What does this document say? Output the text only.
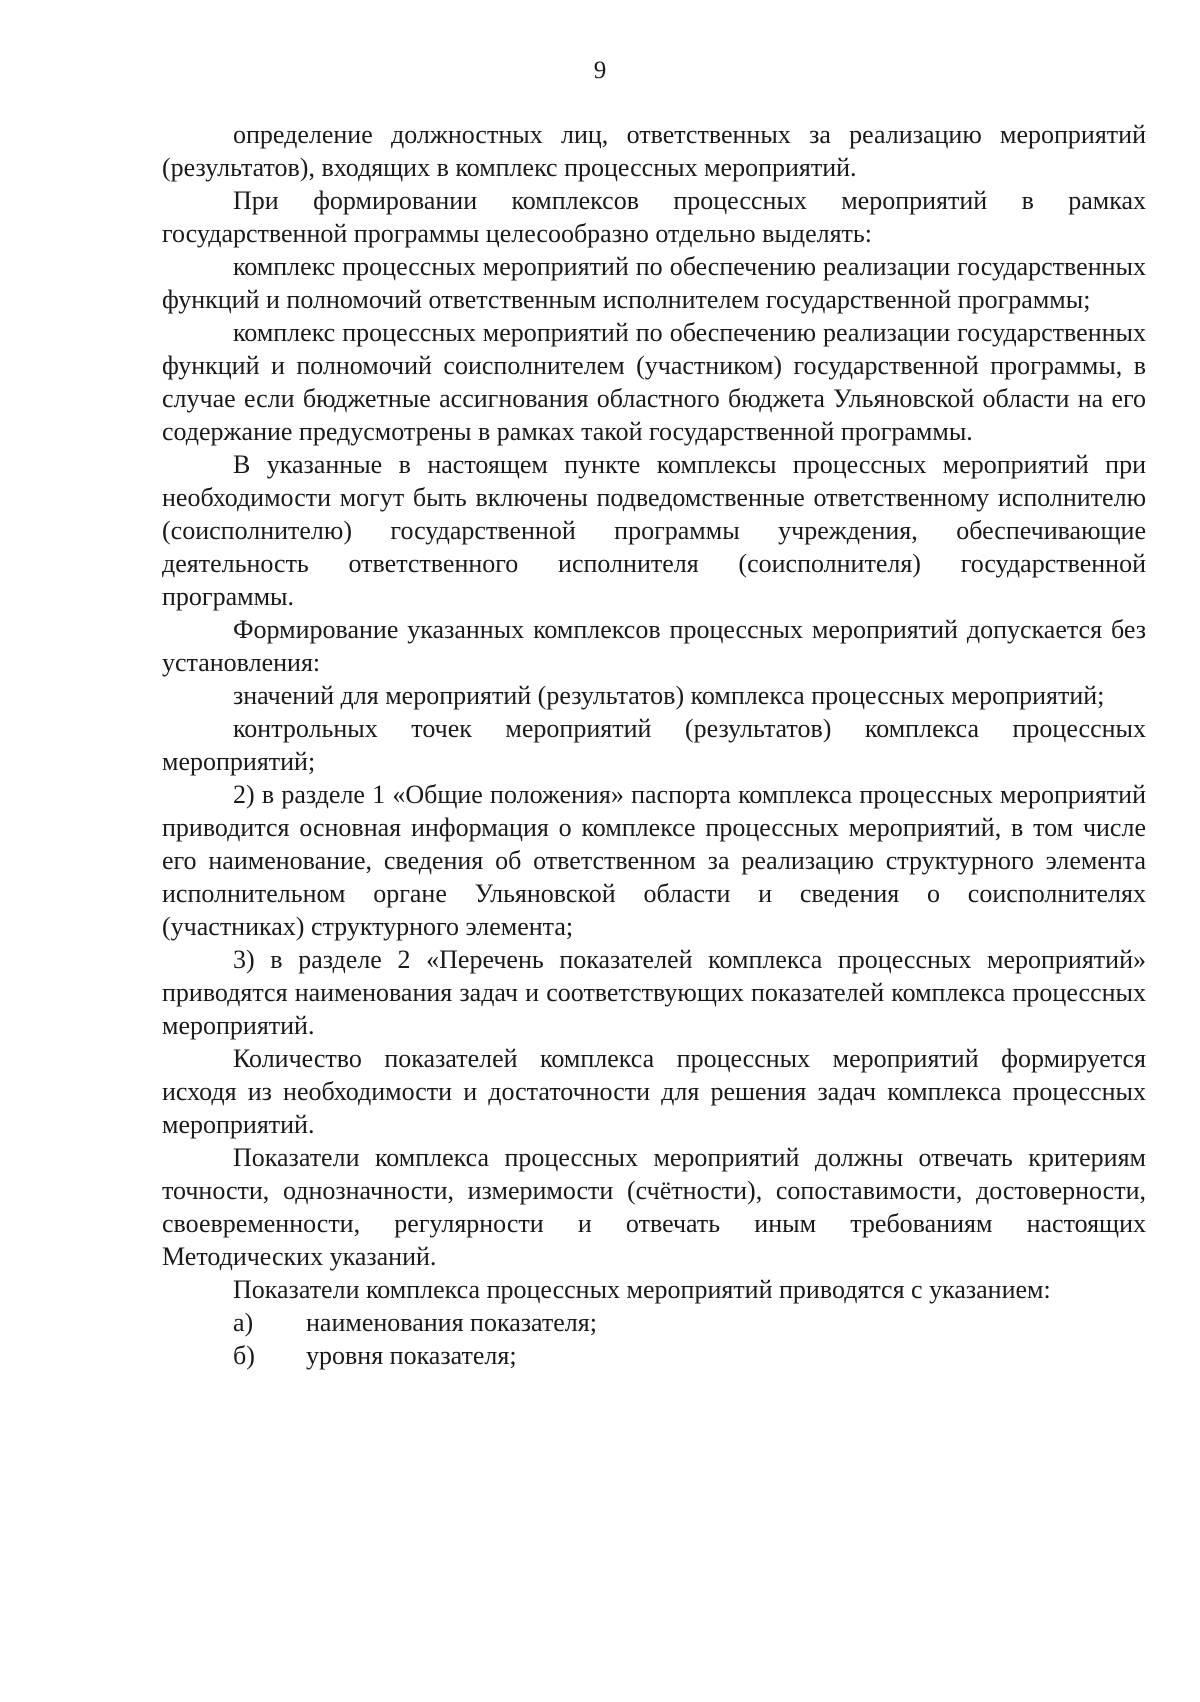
9

определение должностных лиц, ответственных за реализацию мероприятий (результатов), входящих в комплекс процессных мероприятий.

При формировании комплексов процессных мероприятий в рамках государственной программы целесообразно отдельно выделять:

комплекс процессных мероприятий по обеспечению реализации государственных функций и полномочий ответственным исполнителем государственной программы;

комплекс процессных мероприятий по обеспечению реализации государственных функций и полномочий соисполнителем (участником) государственной программы, в случае если бюджетные ассигнования областного бюджета Ульяновской области на его содержание предусмотрены в рамках такой государственной программы.

В указанные в настоящем пункте комплексы процессных мероприятий при необходимости могут быть включены подведомственные ответственному исполнителю (соисполнителю) государственной программы учреждения, обеспечивающие деятельность ответственного исполнителя (соисполнителя) государственной программы.

Формирование указанных комплексов процессных мероприятий допускается без установления:

значений для мероприятий (результатов) комплекса процессных мероприятий;

контрольных точек мероприятий (результатов) комплекса процессных мероприятий;

2) в разделе 1 «Общие положения» паспорта комплекса процессных мероприятий приводится основная информация о комплексе процессных мероприятий, в том числе его наименование, сведения об ответственном за реализацию структурного элемента исполнительном органе Ульяновской области и сведения о соисполнителях (участниках) структурного элемента;

3) в разделе 2 «Перечень показателей комплекса процессных мероприятий» приводятся наименования задач и соответствующих показателей комплекса процессных мероприятий.

Количество показателей комплекса процессных мероприятий формируется исходя из необходимости и достаточности для решения задач комплекса процессных мероприятий.

Показатели комплекса процессных мероприятий должны отвечать критериям точности, однозначности, измеримости (счётности), сопоставимости, достоверности, своевременности, регулярности и отвечать иным требованиям настоящих Методических указаний.

Показатели комплекса процессных мероприятий приводятся с указанием:

а)	наименования показателя;
б)	уровня показателя;
